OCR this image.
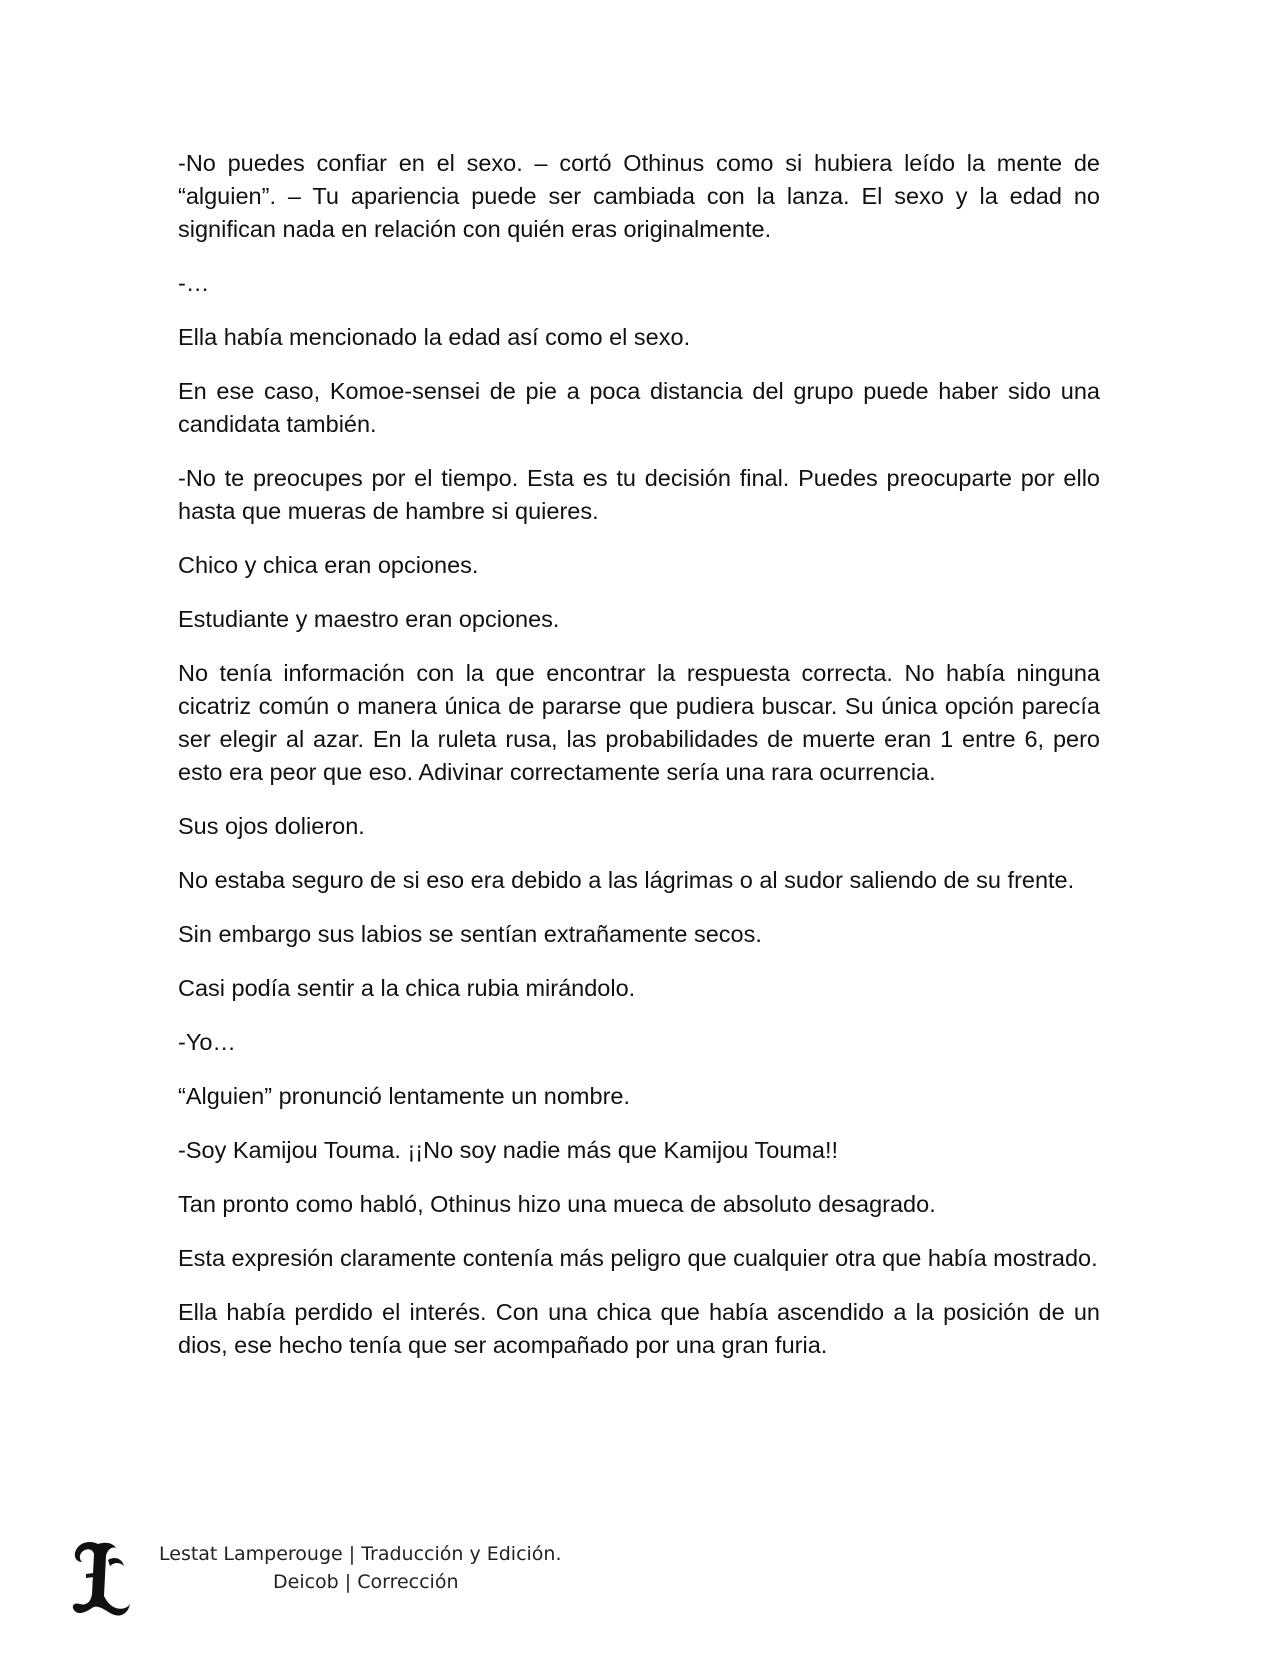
-No puedes confiar en el sexo. – cortó Othinus como si hubiera leído la mente de “alguien”. – Tu apariencia puede ser cambiada con la lanza. El sexo y la edad no significan nada en relación con quién eras originalmente.

-…

Ella había mencionado la edad así como el sexo.

En ese caso, Komoe-sensei de pie a poca distancia del grupo puede haber sido una candidata también.

-No te preocupes por el tiempo. Esta es tu decisión final. Puedes preocuparte por ello hasta que mueras de hambre si quieres.

Chico y chica eran opciones.

Estudiante y maestro eran opciones.

No tenía información con la que encontrar la respuesta correcta. No había ninguna cicatriz común o manera única de pararse que pudiera buscar. Su única opción parecía ser elegir al azar. En la ruleta rusa, las probabilidades de muerte eran 1 entre 6, pero esto era peor que eso. Adivinar correctamente sería una rara ocurrencia.

Sus ojos dolieron.

No estaba seguro de si eso era debido a las lágrimas o al sudor saliendo de su frente.

Sin embargo sus labios se sentían extrañamente secos.

Casi podía sentir a la chica rubia mirándolo.

-Yo…

“Alguien” pronunció lentamente un nombre.

-Soy Kamijou Touma. ¡¡No soy nadie más que Kamijou Touma!!

Tan pronto como habló, Othinus hizo una mueca de absoluto desagrado.

Esta expresión claramente contenía más peligro que cualquier otra que había mostrado.

Ella había perdido el interés. Con una chica que había ascendido a la posición de un dios, ese hecho tenía que ser acompañado por una gran furia.

Lestat Lamperouge | Traducción y Edición.
Deicob | Corrección
